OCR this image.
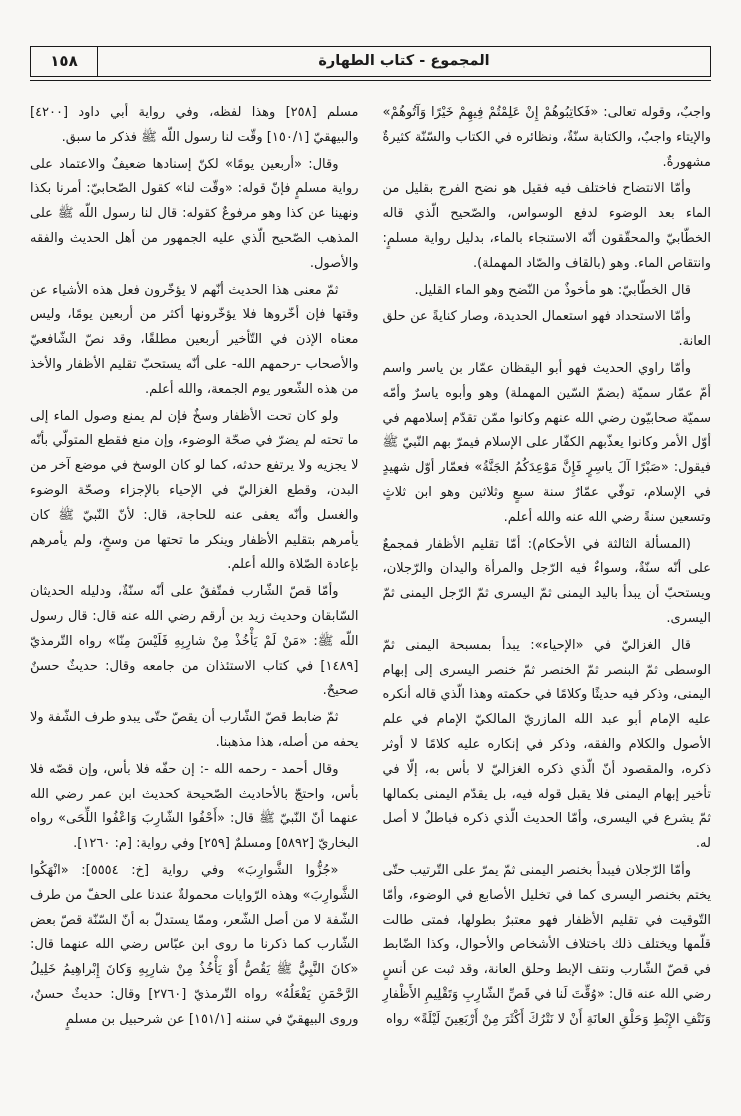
المجموع - كتاب الطهارة
١٥٨

واجبٌ، وقوله تعالى: «فَكاتِبُوهُمْ إِنْ عَلِمْتُمْ فِيهِمْ خَيْرًا وَآتُوهُمْ» والإيتاء واجبٌ، والكتابة سنّةٌ، ونظائره في الكتاب والسّنّة كثيرةٌ مشهورةٌ.

وأمّا الانتضاح فاختلف فيه فقيل هو نضح الفرج بقليل من الماء بعد الوضوء لدفع الوسواس، والصّحيح الّذي قاله الخطّابيّ والمحقّقون أنّه الاستنجاء بالماء، بدليل رواية مسلمٍ: وانتقاص الماء. وهو (بالقاف والصّاد المهملة).

قال الخطّابيّ: هو مأخوذٌ من النّضح وهو الماء القليل.

وأمّا الاستحداد فهو استعمال الحديدة، وصار كنايةً عن حلق العانة.

وأمّا راوي الحديث فهو أبو اليقظان عمّار بن ياسر واسم أمّ عمّار سميّة (بضمّ السّين المهملة) وهو وأبوه ياسرٌ وأمّه سميّة صحابيّون رضي الله عنهم وكانوا ممّن تقدّم إسلامهم في أوّل الأمر وكانوا يعذّبهم الكفّار على الإسلام فيمرّ بهم النّبيّ ﷺ فيقول: «صَبْرًا آلَ ياسِرٍ فَإِنَّ مَوْعِدَكُمُ الجَنَّةُ» فعمّار أوّل شهيدٍ في الإسلام، توفّي عمّارٌ سنة سبعٍ وثلاثين وهو ابن ثلاثٍ وتسعين سنةً رضي الله عنه والله أعلم.

(المسألة الثالثة في الأحكام): أمّا تقليم الأظفار فمجمعٌ على أنّه سنّةٌ، وسواءٌ فيه الرّجل والمرأة واليدان والرّجلان، ويستحبّ أن يبدأ باليد اليمنى ثمّ اليسرى ثمّ الرّجل اليمنى ثمّ اليسرى.

قال الغزاليّ في «الإحياء»: يبدأ بمسبحة اليمنى ثمّ الوسطى ثمّ البنصر ثمّ الخنصر ثمّ خنصر اليسرى إلى إبهام اليمنى، وذكر فيه حديثًا وكلامًا في حكمته وهذا الّذي قاله أنكره عليه الإمام أبو عبد الله المازريّ المالكيّ الإمام في علم الأصول والكلام والفقه، وذكر في إنكاره عليه كلامًا لا أوثر ذكره، والمقصود أنّ الّذي ذكره الغزاليّ لا بأس به، إلّا في تأخير إبهام اليمنى فلا يقبل قوله فيه، بل يقدّم اليمنى بكمالها ثمّ يشرع في اليسرى، وأمّا الحديث الّذي ذكره فباطلٌ لا أصل له.

وأمّا الرّجلان فيبدأ بخنصر اليمنى ثمّ يمرّ على التّرتيب حتّى يختم بخنصر اليسرى كما في تخليل الأصابع في الوضوء، وأمّا التّوقيت في تقليم الأظفار فهو معتبرٌ بطولها، فمتى طالت قلّمها ويختلف ذلك باختلاف الأشخاص والأحوال، وكذا الضّابط في قصّ الشّارب ونتف الإبط وحلق العانة، وقد ثبت عن أنسٍ رضي الله عنه قال: «وُقِّتَ لَنا في قَصِّ الشّارِبِ وَتَقْلِيمِ الأَظْفارِ وَنَتْفِ الإِبْطِ وَحَلْقِ العانَةِ أَنْ لا نَتْرُكَ أَكْثَرَ مِنْ أَرْبَعِينَ لَيْلَةً» رواه

مسلم [٢٥٨] وهذا لفظه، وفي رواية أبي داود [٤٢٠٠] والبيهقيّ [١٥٠/١] وقّت لنا رسول اللّه ﷺ فذكر ما سبق.

وقال: «أربعين يومًا» لكنّ إسنادها ضعيفٌ والاعتماد على رواية مسلمٍ فإنّ قوله: «وقّت لنا» كقول الصّحابيّ: أمرنا بكذا ونهينا عن كذا وهو مرفوعٌ كقوله: قال لنا رسول اللّه ﷺ على المذهب الصّحيح الّذي عليه الجمهور من أهل الحديث والفقه والأصول.

ثمّ معنى هذا الحديث أنّهم لا يؤخّرون فعل هذه الأشياء عن وقتها فإن أخّروها فلا يؤخّرونها أكثر من أربعين يومًا، وليس معناه الإذن في التّأخير أربعين مطلقًا، وقد نصّ الشّافعيّ والأصحاب -رحمهم الله- على أنّه يستحبّ تقليم الأظفار والأخذ من هذه الشّعور يوم الجمعة، والله أعلم.

ولو كان تحت الأظفار وسخٌ فإن لم يمنع وصول الماء إلى ما تحته لم يضرّ في صحّة الوضوء، وإن منع فقطع المتولّي بأنّه لا يجزيه ولا يرتفع حدثه، كما لو كان الوسخ في موضع آخر من البدن، وقطع الغزاليّ في الإحياء بالإجزاء وصحّة الوضوء والغسل وأنّه يعفى عنه للحاجة، قال: لأنّ النّبيّ ﷺ كان يأمرهم بتقليم الأظفار وينكر ما تحتها من وسخٍ، ولم يأمرهم بإعادة الصّلاة والله أعلم.

وأمّا قصّ الشّارب فمتّفقٌ على أنّه سنّةٌ، ودليله الحديثان السّابقان وحديث زيد بن أرقم رضي الله عنه قال: قال رسول اللّه ﷺ: «مَنْ لَمْ يَأْخُذْ مِنْ شارِبِهِ فَلَيْسَ مِنّا» رواه التّرمذيّ [١٤٨٩] في كتاب الاستئذان من جامعه وقال: حديثٌ حسنٌ صحيحٌ.

ثمّ ضابط قصّ الشّارب أن يقصّ حتّى يبدو طرف الشّفة ولا يحفه من أصله، هذا مذهبنا.

وقال أحمد - رحمه الله -: إن حفّه فلا بأس، وإن قصّه فلا بأس، واحتجّ بالأحاديث الصّحيحة كحديث ابن عمر رضي الله عنهما أنّ النّبيّ ﷺ قال: «أَحْفُوا الشّارِبَ وَاعْفُوا اللِّحَى» رواه البخاريّ [٥٨٩٢] ومسلمٌ [٢٥٩] وفي رواية: [م: ١٢٦٠].

«جُزُّوا الشَّوارِبَ» وفي رواية [خ: ٥٥٥٤]: «انْهَكُوا الشَّوارِبَ» وهذه الرّوايات محمولةٌ عندنا على الحفّ من طرف الشّفة لا من أصل الشّعر، وممّا يستدلّ به أنّ السّنّة قصّ بعض الشّارب كما ذكرنا ما روى ابن عبّاس رضي الله عنهما قال: «كانَ النَّبِيُّ ﷺ يَقُصُّ أَوْ يَأْخُذُ مِنْ شارِبِهِ وَكانَ إِبْراهِيمُ خَلِيلُ الرَّحْمَنِ يَفْعَلُهُ» رواه التّرمذيّ [٢٧٦٠] وقال: حديثٌ حسنٌ، وروى البيهقيّ في سننه [١٥١/١] عن شرحبيل بن مسلمٍ
